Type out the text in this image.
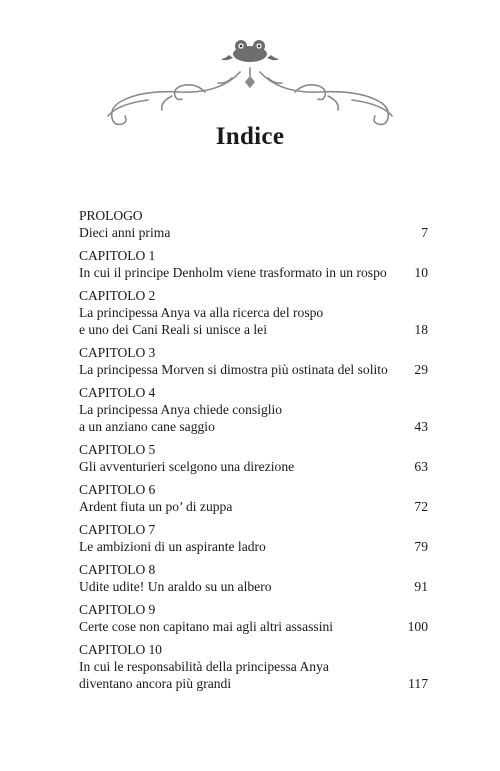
Indice
PROLOGO
Dieci anni prima	7
CAPITOLO 1
In cui il principe Denholm viene trasformato in un rospo	10
CAPITOLO 2
La principessa Anya va alla ricerca del rospo
e uno dei Cani Reali si unisce a lei	18
CAPITOLO 3
La principessa Morven si dimostra più ostinata del solito	29
CAPITOLO 4
La principessa Anya chiede consiglio
a un anziano cane saggio	43
CAPITOLO 5
Gli avventurieri scelgono una direzione	63
CAPITOLO 6
Ardent fiuta un po’ di zuppa	72
CAPITOLO 7
Le ambizioni di un aspirante ladro	79
CAPITOLO 8
Udite udite! Un araldo su un albero	91
CAPITOLO 9
Certe cose non capitano mai agli altri assassini	100
CAPITOLO 10
In cui le responsabilità della principessa Anya
diventano ancora più grandi	117
